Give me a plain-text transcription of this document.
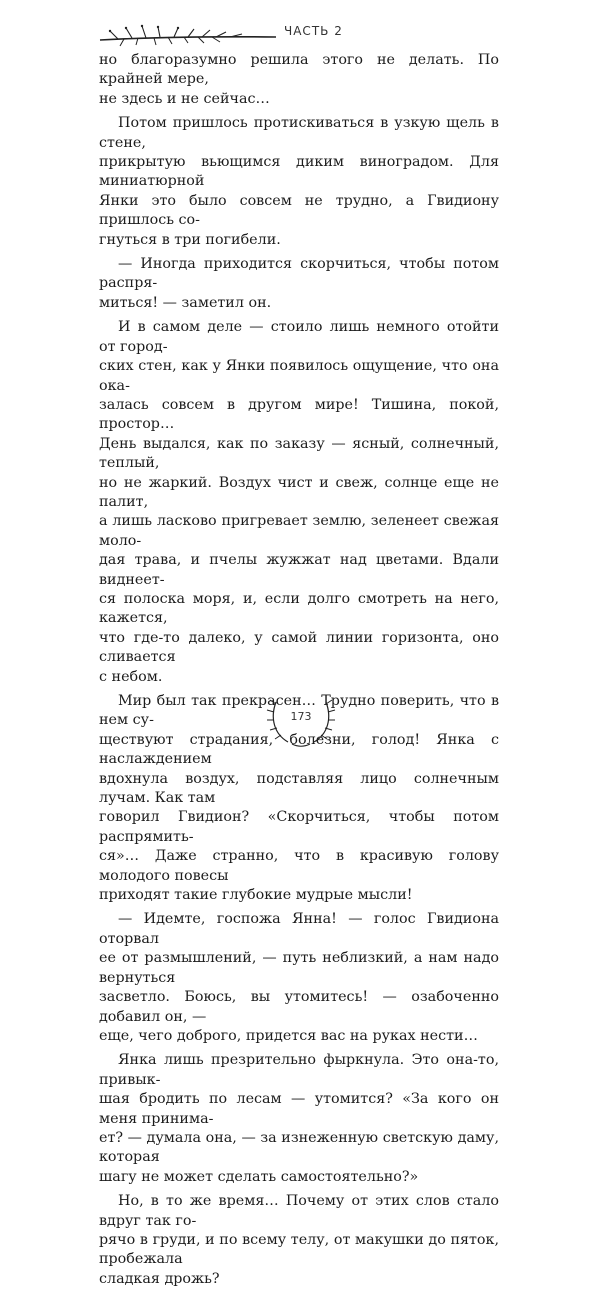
ЧАСТЬ 2

но благоразумно решила этого не делать. По крайней мере,
не здесь и не сейчас…

Потом пришлось протискиваться в узкую щель в стене,
прикрытую вьющимся диким виноградом. Для миниатюрной
Янки это было совсем не трудно, а Гвидиону пришлось со-
гнуться в три погибели.

— Иногда приходится скорчиться, чтобы потом распря-
миться! — заметил он.

И в самом деле — стоило лишь немного отойти от город-
ских стен, как у Янки появилось ощущение, что она ока-
залась совсем в другом мире! Тишина, покой, простор…
День выдался, как по заказу — ясный, солнечный, теплый,
но не жаркий. Воздух чист и свеж, солнце еще не палит,
а лишь ласково пригревает землю, зеленеет свежая моло-
дая трава, и пчелы жужжат над цветами. Вдали виднеет-
ся полоска моря, и, если долго смотреть на него, кажется,
что где-то далеко, у самой линии горизонта, оно сливается
с небом.

Мир был так прекрасен… Трудно поверить, что в нем су-
ществуют страдания, болезни, голод! Янка с наслаждением
вдохнула воздух, подставляя лицо солнечным лучам. Как там
говорил Гвидион? «Скорчиться, чтобы потом распрямить-
ся»… Даже странно, что в красивую голову молодого повесы
приходят такие глубокие мудрые мысли!

— Идемте, госпожа Янна! — голос Гвидиона оторвал
ее от размышлений, — путь неблизкий, а нам надо вернуться
засветло. Боюсь, вы утомитесь! — озабоченно добавил он, —
еще, чего доброго, придется вас на руках нести…

Янка лишь презрительно фыркнула. Это она-то, привык-
шая бродить по лесам — утомится? «За кого он меня принима-
ет? — думала она, — за изнеженную светскую даму, которая
шагу не может сделать самостоятельно?»

Но, в то же время… Почему от этих слов стало вдруг так го-
рячо в груди, и по всему телу, от макушки до пяток, пробежала
сладкая дрожь?

173
